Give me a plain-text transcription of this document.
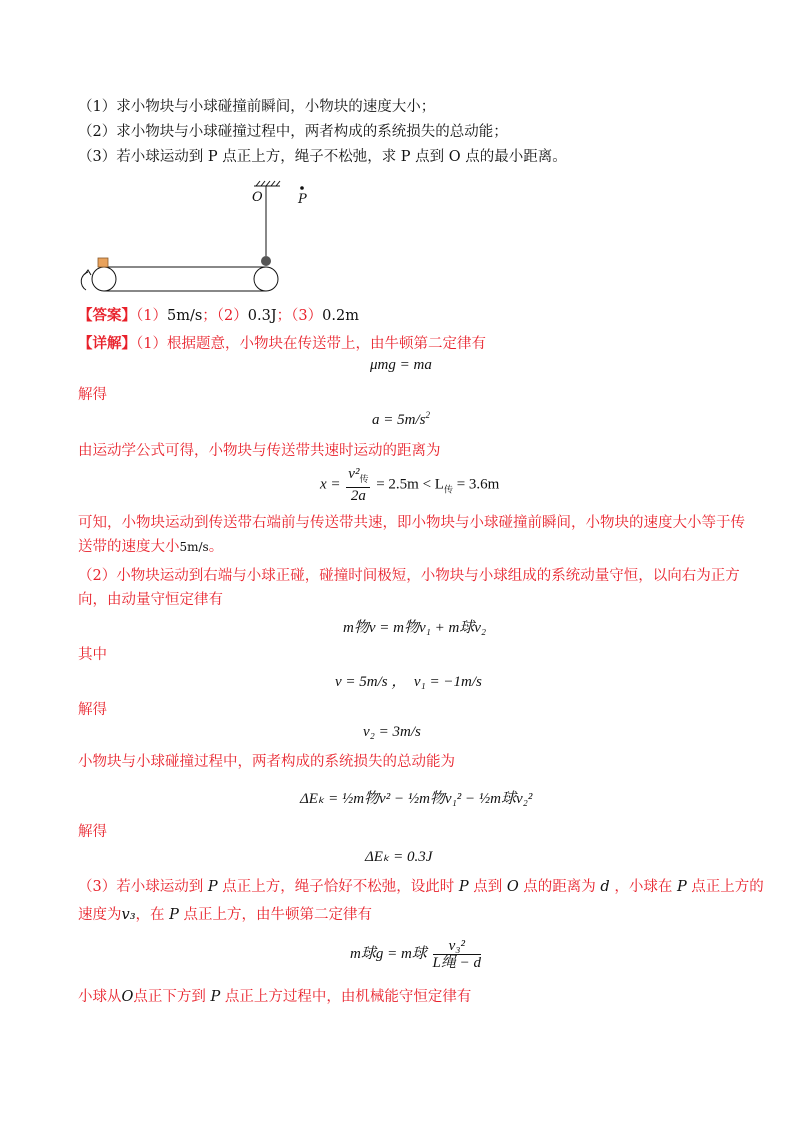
（1）求小物块与小球碰撞前瞬间，小物块的速度大小；
（2）求小物块与小球碰撞过程中，两者构成的系统损失的总动能；
（3）若小球运动到 P 点正上方，绳子不松弛，求 P 点到 O 点的最小距离。
O	P
【答案】（1）5m/s；（2）0.3J；（3）0.2m
【详解】（1）根据题意，小物块在传送带上，由牛顿第二定律有
μmg = ma
解得
$a = 5m/s^2$
由运动学公式可得，小物块与传送带共速时运动的距离为
$x = \frac{v^2_传}{2a} = 2.5m < L_传 = 3.6m$
可知，小物块运动到传送带右端前与传送带共速，即小物块与小球碰撞前瞬间，小物块的速度大小等于传
送带的速度大小$^{5m/s}$。
（2）小物块运动到右端与小球正碰，碰撞时间极短，小物块与小球组成的系统动量守恒，以向右为正方
向，由动量守恒定律有
m物v = m物v₁ + m球v₂
其中
v = 5m/s ， v₁ = −1m/s
解得
v₂ = 3m/s
小物块与小球碰撞过程中，两者构成的系统损失的总动能为
ΔEₖ = ½m物v² − ½m物v₁² − ½m球v₂²
解得
ΔEₖ = 0.3J
（3）若小球运动到 P 点正上方，绳子恰好不松弛，设此时 P 点到 O 点的距离为 d ，小球在 P 点正上方的
速度为v₃，在 P 点正上方，由牛顿第二定律有
m球g = m球 $\frac{\text{v₃²}}{\text{L绳 − d}}$
小球从O点正下方到 P 点正上方过程中，由机械能守恒定律有
